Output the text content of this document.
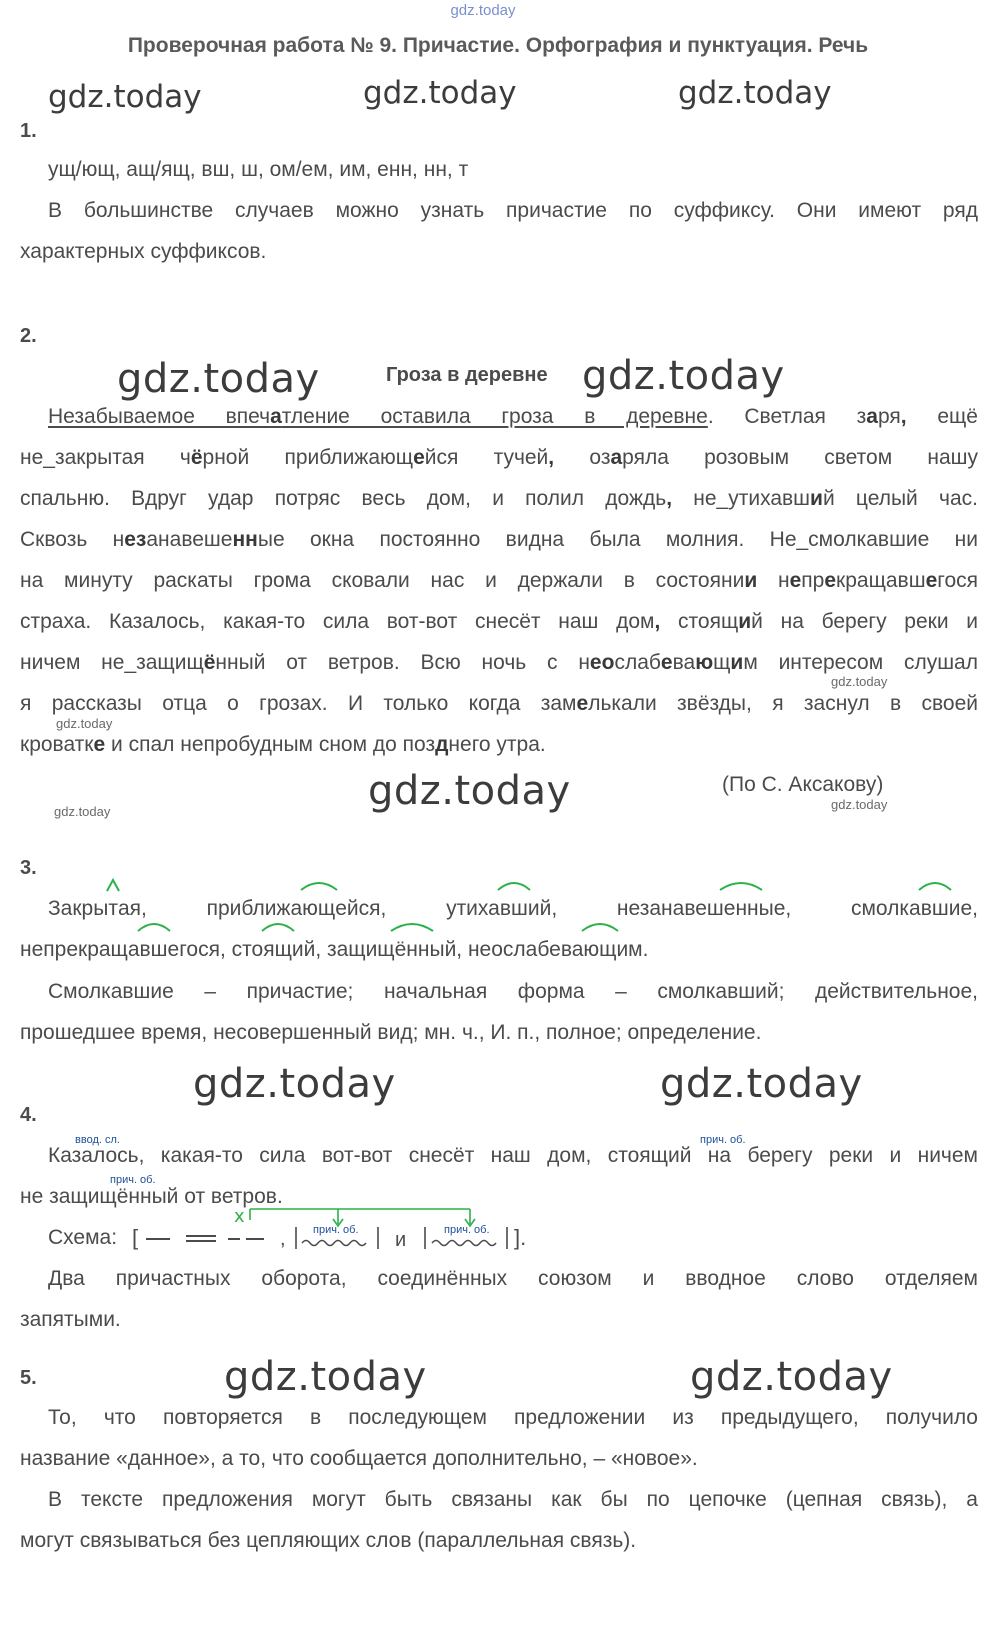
gdz.today
Проверочная работа № 9. Причастие. Орфография и пунктуация. Речь
gdz.today	gdz.today	gdz.today
1.
ущ/ющ, ащ/ящ, вш, ш, ом/ем, им, енн, нн, т
В большинстве случаев можно узнать причастие по суффиксу. Они имеют ряд
характерных суффиксов.
2.
gdz.today	Гроза в деревне gdz.today
Незабываемое впечатление оставила гроза в деревне. Светлая заря, ещё
не_закрытая чёрной приближающейся тучей, озаряла розовым светом нашу
спальню. Вдруг удар потряс весь дом, и полил дождь, не_утихавший целый час.
Сквозь незанавешенные окна постоянно видна была молния. Не_смолкавшие ни
на минуту раскаты грома сковали нас и держали в состоянии непрекращавшегося
страха. Казалось, какая-то сила вот-вот снесёт наш дом, стоящий на берегу реки и
ничем не_защищённый от ветров. Всю ночь с неослабевающим интересом слушал
я рассказы отца о грозах. И только когда замелькали звёзды, я заснул в своей
кроватке и спал непробудным сном до позднего утра.
gdz.today
gdz.today
(По С. Аксакову)
gdz.today	gdz.today
gdz.today
3.
Закрыт
ая, приближающ
ейся, утихавш
ий, незанавешенн
ые, смолкавш
ие,
непрекращавш
егося, стоящ
ий, защищённ
ый, неослабевающ
им.
Смолкавшие – причастие; начальная форма – смолкавший; действительное,
прошедшее время, несовершенный вид; мн. ч., И. п., полное; определение.
gdz.today	gdz.today
4.
ввод. сл.	прич. об.
Казалось, какая-то сила вот-вот снесёт наш дом, стоящий на берегу реки и ничем
прич. об.
не защищённый от ветров.
x
Схема: [	, прич. об. и	прич. об. ].
Два причастных оборота, соединённых союзом и вводное слово отделяем
запятыми.
5.	gdz.today	gdz.today
То, что повторяется в последующем предложении из предыдущего, получило
название «данное», а то, что сообщается дополнительно, – «новое».
В тексте предложения могут быть связаны как бы по цепочке (цепная связь), а
могут связываться без цепляющих слов (параллельная связь).
